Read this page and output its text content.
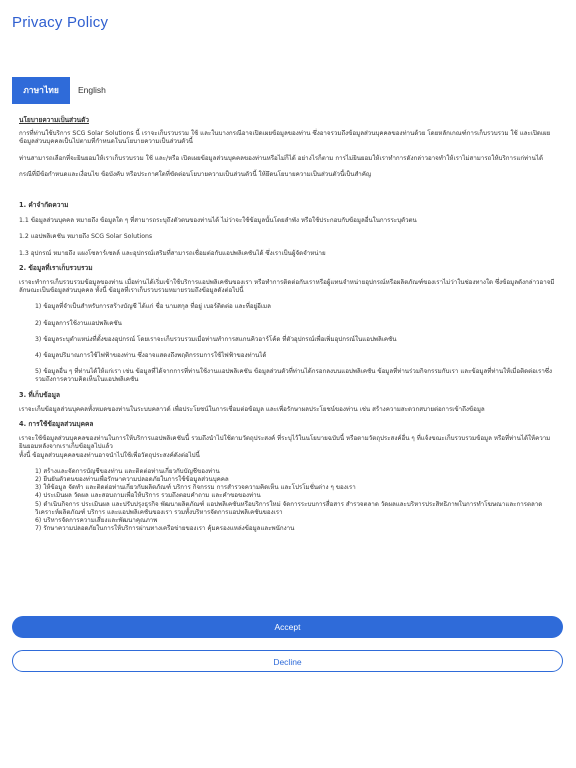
Privacy Policy
ภาษาไทย	English

นโยบายความเป็นส่วนตัว

การที่ท่านใช้บริการ SCG Solar Solutions นี้ เราจะเก็บรวบรวม ใช้ และในบางกรณีอาจเปิดเผยข้อมูลของท่าน ซึ่งอาจรวมถึงข้อมูลส่วนบุคคลของท่านด้วย โดยหลักเกณฑ์การเก็บรวบรวม ใช้ และเปิดเผยข้อมูลส่วนบุคคลเป็นไปตามที่กำหนดในนโยบายความเป็นส่วนตัวนี้

ท่านสามารถเลือกที่จะยินยอมให้เราเก็บรวบรวม ใช้ และ/หรือ เปิดเผยข้อมูลส่วนบุคคลของท่านหรือไม่ก็ได้ อย่างไรก็ตาม การไม่ยินยอมให้เราทำการดังกล่าวอาจทำให้เราไม่สามารถให้บริการแก่ท่านได้

กรณีที่มีข้อกำหนดและเงื่อนไข ข้อบังคับ หรือประกาศใดที่ขัดต่อนโยบายความเป็นส่วนตัวนี้ ให้ยึดนโยบายความเป็นส่วนตัวนี้เป็นสำคัญ

1. คำจำกัดความ

1.1 ข้อมูลส่วนบุคคล หมายถึง ข้อมูลใด ๆ ที่สามารถระบุถึงตัวตนของท่านได้ ไม่ว่าจะใช้ข้อมูลนั้นโดยลำพัง หรือใช้ประกอบกับข้อมูลอื่นในการระบุตัวตน

1.2 แอปพลิเคชัน หมายถึง SCG Solar Solutions

1.3 อุปกรณ์ หมายถึง แผงโซลาร์เซลล์ และอุปกรณ์เสริมที่สามารถเชื่อมต่อกับแอปพลิเคชันได้ ซึ่งเราเป็นผู้จัดจำหน่าย

2. ข้อมูลที่เราเก็บรวบรวม

เราจะทำการเก็บรวบรวมข้อมูลของท่าน เมื่อท่านได้เริ่มเข้าใช้บริการแอปพลิเคชันของเรา หรือทำการติดต่อกับเราหรือผู้แทนจำหน่ายอุปกรณ์หรือผลิตภัณฑ์ของเราไม่ว่าในช่องทางใด ซึ่งข้อมูลดังกล่าวอาจมีลักษณะเป็นข้อมูลส่วนบุคคล ทั้งนี้ ข้อมูลที่เราเก็บรวบรวมหมายรวมถึงข้อมูลดังต่อไปนี้

1) ข้อมูลที่จำเป็นสำหรับการสร้างบัญชี ได้แก่ ชื่อ นามสกุล ที่อยู่ เบอร์ติดต่อ และที่อยู่อีเมล

2) ข้อมูลการใช้งานแอปพลิเคชัน

3) ข้อมูลระบุตำแหน่งที่ตั้งของอุปกรณ์ โดยเราจะเก็บรวบรวมเมื่อท่านทำการสแกนคิวอาร์โค้ด ที่ตัวอุปกรณ์เพื่อเพิ่มอุปกรณ์ในแอปพลิเคชัน

4) ข้อมูลปริมาณการใช้ไฟฟ้าของท่าน ซึ่งอาจแสดงถึงพฤติกรรมการใช้ไฟฟ้าของท่านได้

5) ข้อมูลอื่น ๆ ที่ท่านได้ให้แก่เรา เช่น ข้อมูลที่ได้จากการที่ท่านใช้งานแอปพลิเคชัน ข้อมูลส่วนตัวที่ท่านได้กรอกลงบนแอปพลิเคชัน ข้อมูลที่ท่านร่วมกิจกรรมกับเรา และข้อมูลที่ท่านให้เมื่อติดต่อเราซึ่งรวมถึงการความคิดเห็นในแอปพลิเคชัน

3. ที่เก็บข้อมูล

เราจะเก็บข้อมูลส่วนบุคคลทั้งหมดของท่านในระบบคลาวด์ เพื่อประโยชน์ในการเชื่อมต่อข้อมูล และเพื่อรักษาผลประโยชน์ของท่าน เช่น สร้างความสะดวกสบายต่อการเข้าถึงข้อมูล

4. การใช้ข้อมูลส่วนบุคคล

เราจะใช้ข้อมูลส่วนบุคคลของท่านในการให้บริการแอปพลิเคชันนี้ รวมถึงนำไปใช้ตามวัตถุประสงค์ ที่ระบุไว้ในนโยบายฉบับนี้ หรือตามวัตถุประสงค์อื่น ๆ ที่แจ้งขณะเก็บรวบรวมข้อมูล หรือที่ท่านได้ให้ความยินยอมหลังจากเราเก็บข้อมูลไปแล้ว

ทั้งนี้ ข้อมูลส่วนบุคคลของท่านอาจนำไปใช้เพื่อวัตถุประสงค์ดังต่อไปนี้

1) สร้างและจัดการบัญชีของท่าน และติดต่อท่านเกี่ยวกับบัญชีของท่าน

2) ยืนยันตัวตนของท่านเพื่อรักษาความปลอดภัยในการใช้ข้อมูลส่วนบุคคล

3) ให้ข้อมูล จัดทำ และติดต่อท่านเกี่ยวกับผลิตภัณฑ์ บริการ กิจกรรม การสำรวจความคิดเห็น และโปรโมชั่นต่าง ๆ ของเรา

4) ประเมินผล วัดผล และสอบถามเพื่อให้บริการ รวมถึงตอบคำถาม และคำขอของท่าน

5) ดำเนินกิจการ ประเมินผล และปรับปรุงธุรกิจ พัฒนาผลิตภัณฑ์ แอปพลิเคชันหรือบริการใหม่ จัดการระบบการสื่อสาร สำรวจตลาด วัดผลและบริหารประสิทธิภาพในการทำโฆษณาและการตลาด วิเคราะห์ผลิตภัณฑ์ บริการ และแอปพลิเคชันของเรา รวมทั้งบริหารจัดการแอปพลิเคชันของเรา

6) บริหารจัดการความเสี่ยงและพัฒนาคุณภาพ

7) รักษาความปลอดภัยในการให้บริการผ่านทางเครือข่ายของเรา คุ้มครองแหล่งข้อมูลและพนักงาน

Accept
Decline
